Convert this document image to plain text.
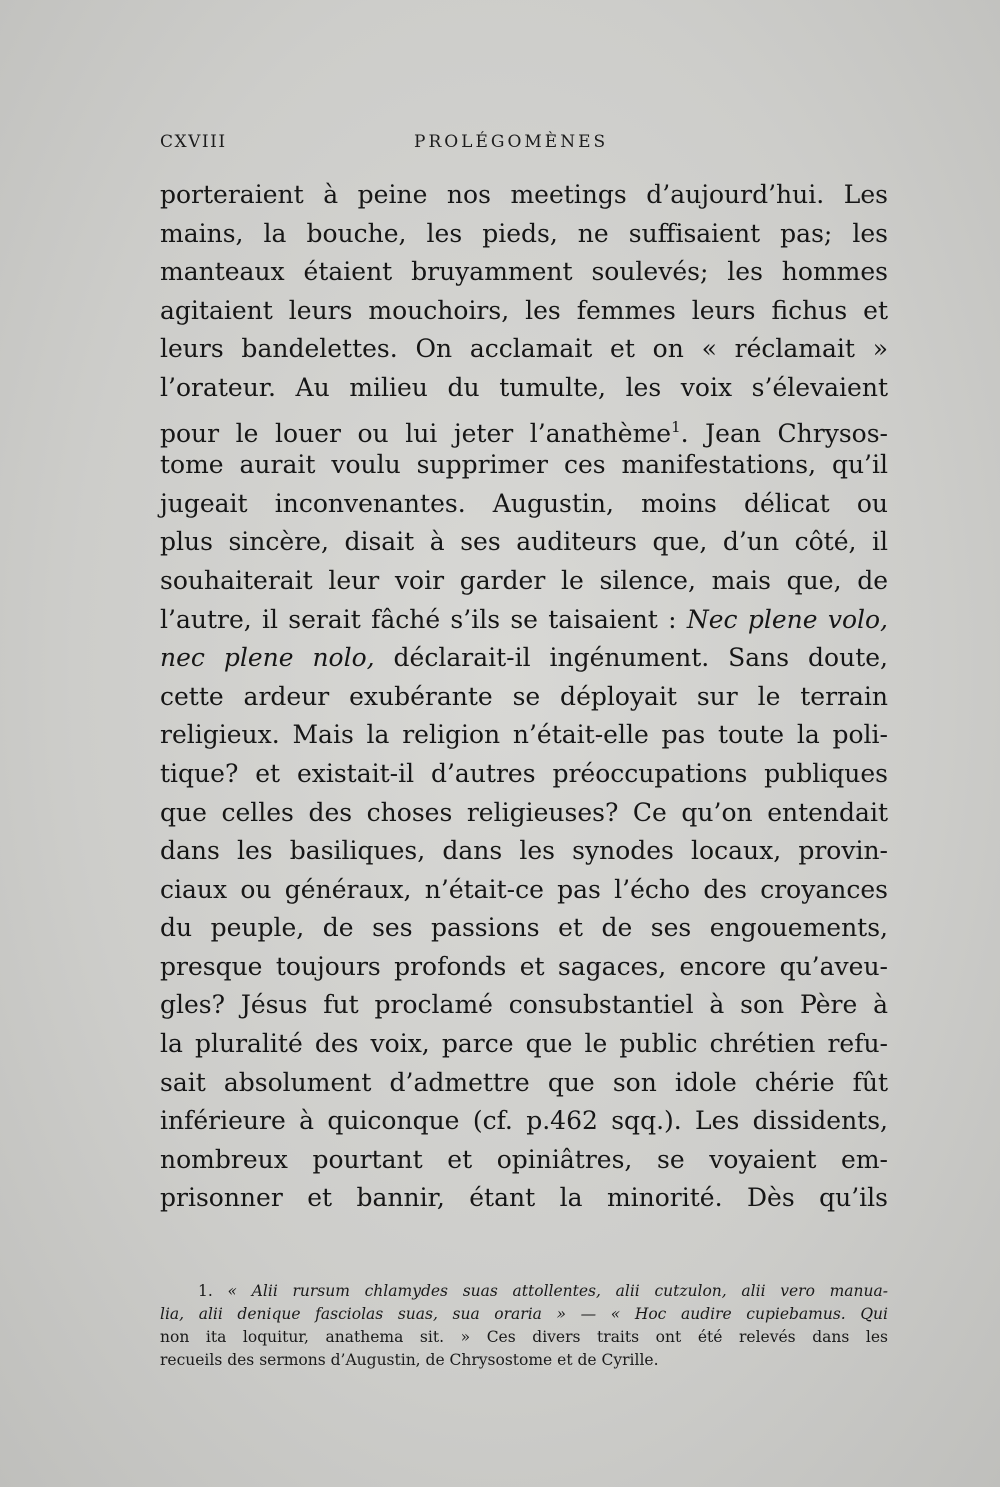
CXVIII	PROLÉGOMÈNES
porteraient à peine nos meetings d’aujourd’hui. Les
mains, la bouche, les pieds, ne suffisaient pas; les
manteaux étaient bruyamment soulevés; les hommes
agitaient leurs mouchoirs, les femmes leurs fichus et
leurs bandelettes. On acclamait et on « réclamait »
l’orateur. Au milieu du tumulte, les voix s’élevaient
pour le louer ou lui jeter l’anathème$^1$. Jean Chrysos-
tome aurait voulu supprimer ces manifestations, qu’il
jugeait inconvenantes. Augustin, moins délicat ou
plus sincère, disait à ses auditeurs que, d’un côté, il
souhaiterait leur voir garder le silence, mais que, de
l’autre, il serait fâché s’ils se taisaient : Nec plene volo,
nec plene nolo, déclarait-il ingénument. Sans doute,
cette ardeur exubérante se déployait sur le terrain
religieux. Mais la religion n’était-elle pas toute la poli-
tique? et existait-il d’autres préoccupations publiques
que celles des choses religieuses? Ce qu’on entendait
dans les basiliques, dans les synodes locaux, provin-
ciaux ou généraux, n’était-ce pas l’écho des croyances
du peuple, de ses passions et de ses engouements,
presque toujours profonds et sagaces, encore qu’aveu-
gles? Jésus fut proclamé consubstantiel à son Père à
la pluralité des voix, parce que le public chrétien refu-
sait absolument d’admettre que son idole chérie fût
inférieure à quiconque (cf. p.462 sqq.). Les dissidents,
nombreux pourtant et opiniâtres, se voyaient em-
prisonner et bannir, étant la minorité. Dès qu’ils
1. « Alii rursum chlamydes suas attollentes, alii cutzulon, alii vero manua-
lia, alii denique fasciolas suas, sua oraria » — « Hoc audire cupiebamus. Qui
non ita loquitur, anathema sit. » Ces divers traits ont été relevés dans les
recueils des sermons d’Augustin, de Chrysostome et de Cyrille.
